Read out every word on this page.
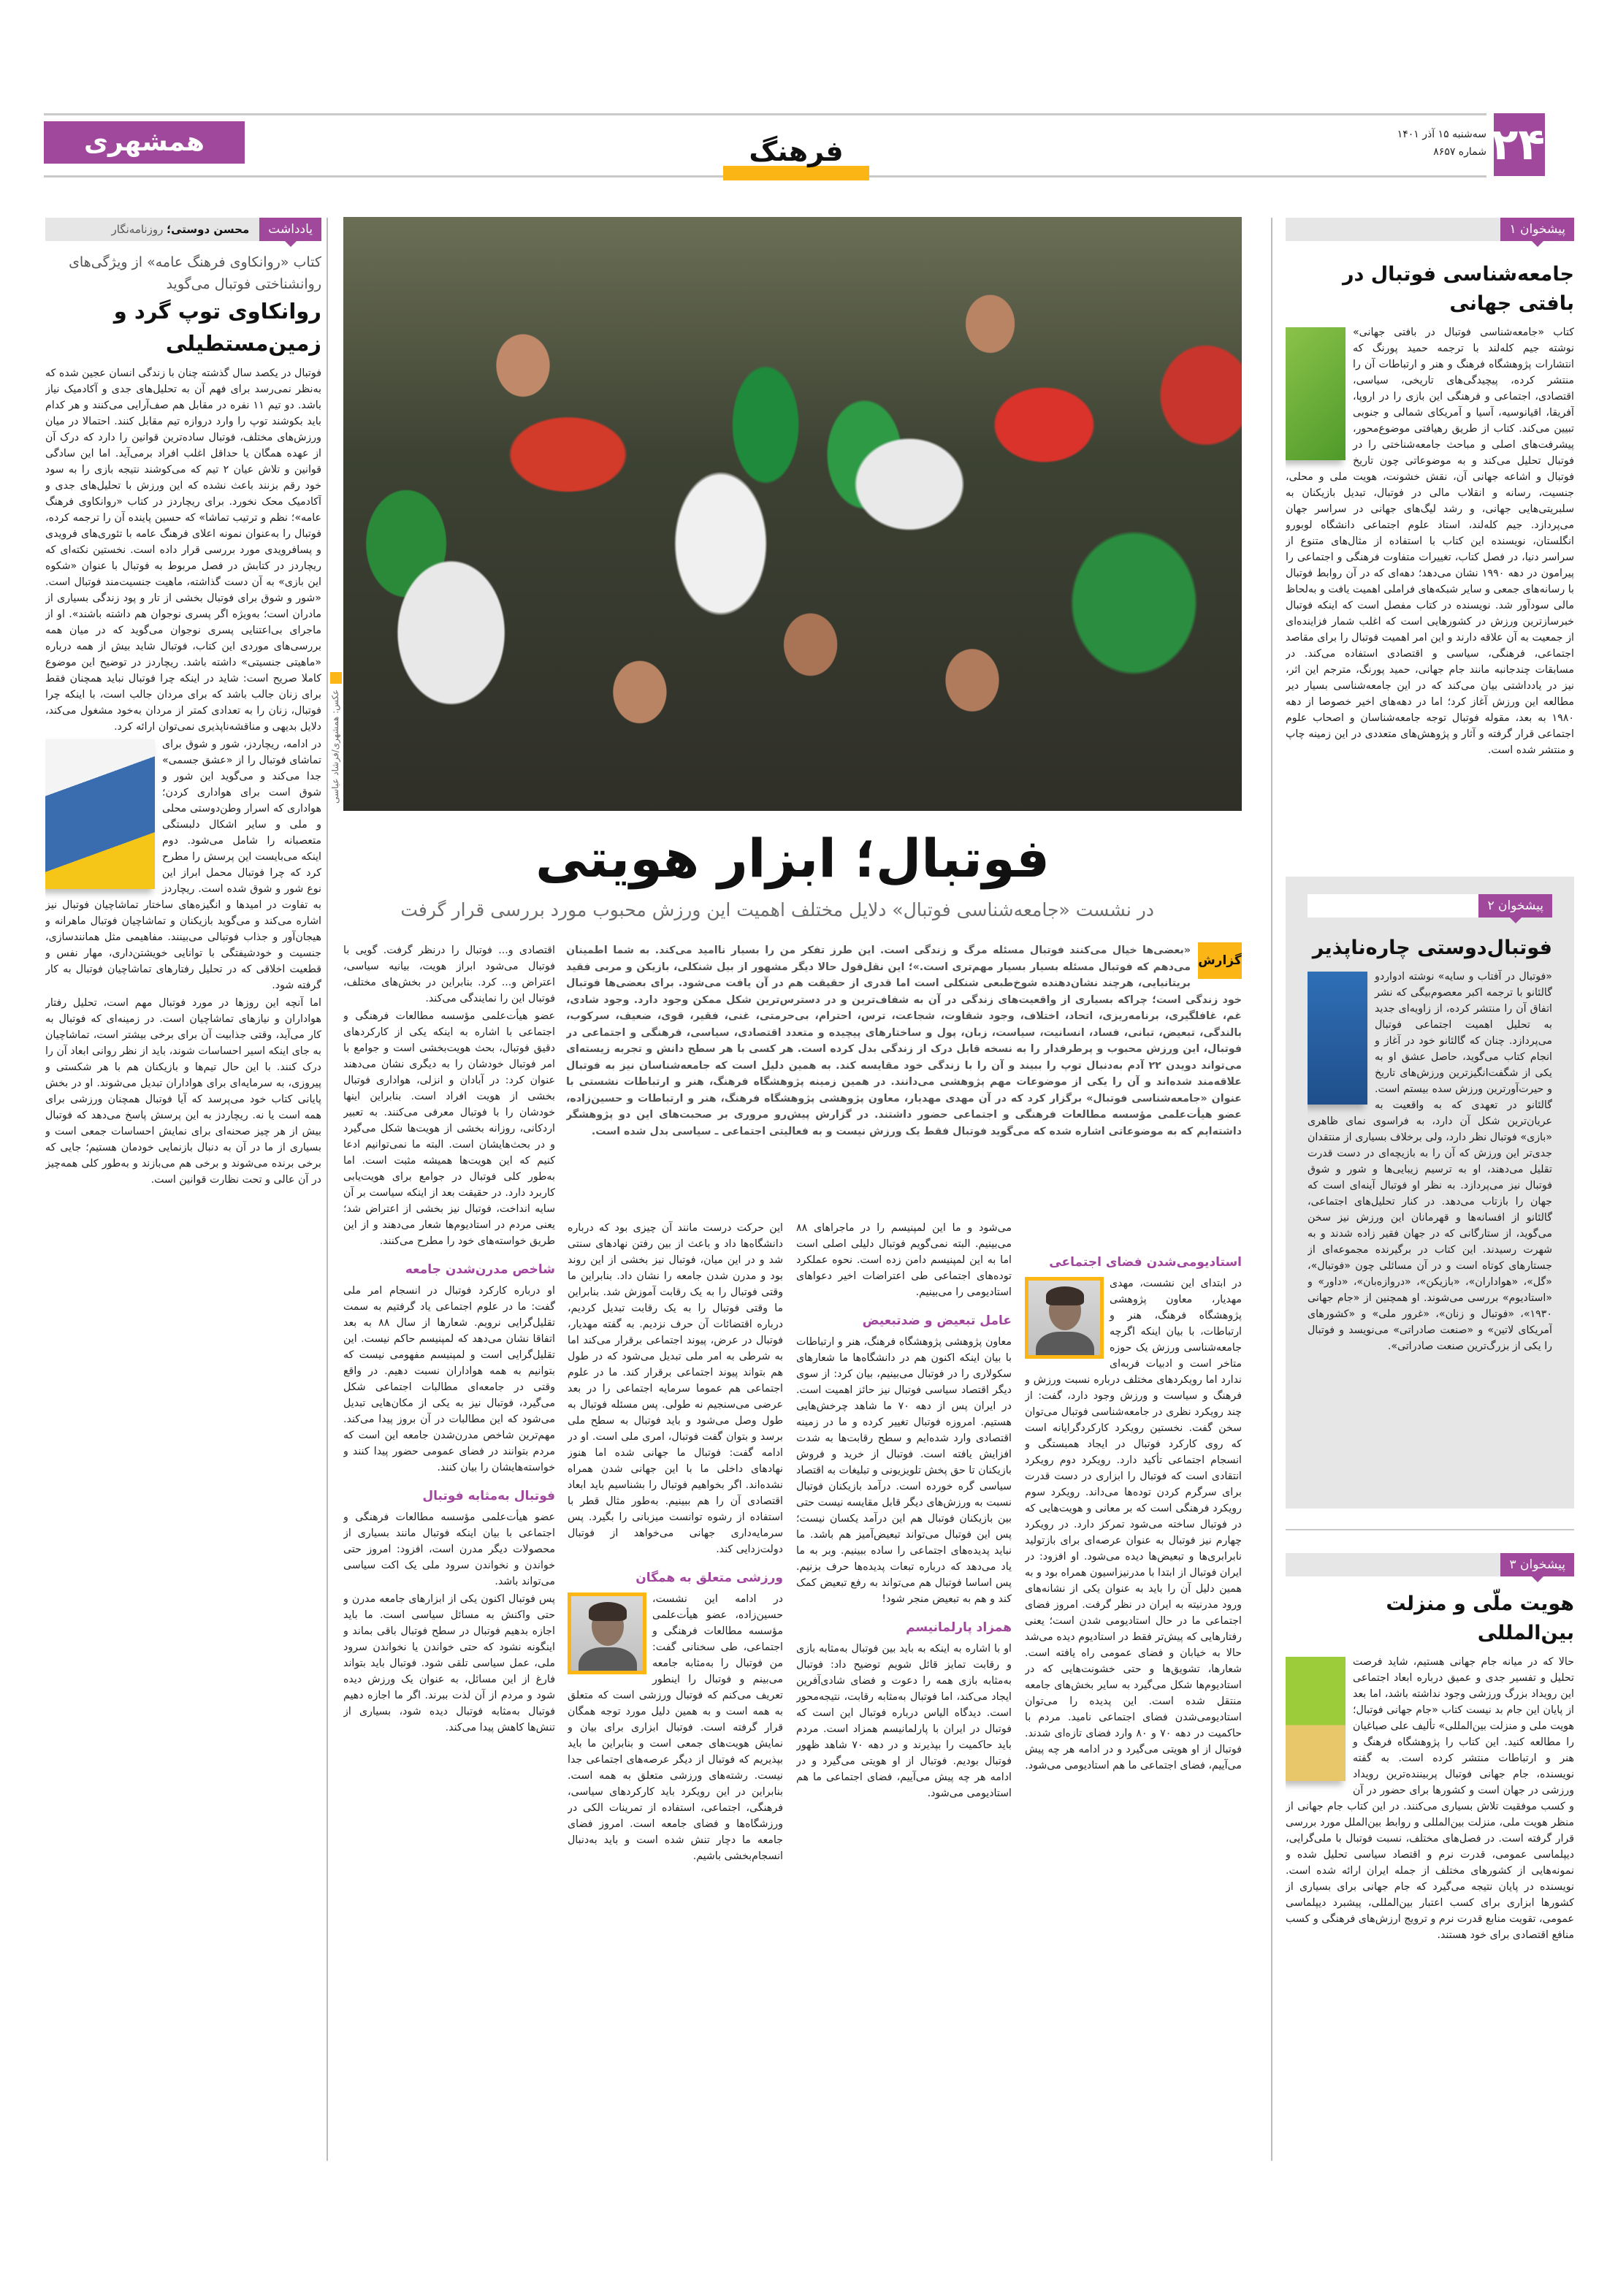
۲۴
سه‌شنبه ۱۵ آذر ۱۴۰۱
شماره ۸۶۵۷
فرهنگ
همشهری
یادداشت
محسن دوستی؛ روزنامه‌نگار
کتاب «روانکاوی فرهنگ عامه» از ویژگی‌های روانشناختی فوتبال می‌گوید
روانکاوی توپ گرد و زمین‌مستطیلی

فوتبال در یکصد سال گذشته چنان با زندگی انسان عجین شده که به‌نظر نمی‌رسد برای فهم آن به تحلیل‌های جدی و آکادمیک نیاز باشد. دو تیم ۱۱ نفره در مقابل هم صف‌آرایی می‌کنند و هر کدام باید بکوشند توپ را وارد دروازه تیم مقابل کنند. احتمالا در میان ورزش‌های مختلف، فوتبال ساده‌ترین قوانین را دارد که درک آن از عهده همگان یا حداقل اغلب افراد برمی‌آید. اما این سادگی قوانین و تلاش عیان ۲ تیم که می‌کوشند نتیجه بازی را به سود خود رقم بزنند باعث نشده که این ورزش با تحلیل‌های جدی و آکادمیک محک نخورد. برای ریچاردز در کتاب «روانکاوی فرهنگ عامه»؛ نظم و ترتیب تماشا» که حسین پاینده آن را ترجمه کرده، فوتبال را به‌عنوان نمونه اعلای فرهنگ عامه با تئوری‌های فرویدی و پسافرویدی مورد بررسی قرار داده است. نخستین نکته‌ای که ریچاردز در کتابش در فصل مربوط به فوتبال با عنوان «شکوه این بازی» به آن دست گذاشته، ماهیت جنسیت‌مند فوتبال است. «شور و شوق برای فوتبال بخشی از تار و پود زندگی بسیاری از مادران است؛ به‌ویژه اگر پسری نوجوان هم داشته باشند». او از ماجرای بی‌اعتنایی پسری نوجوان می‌گوید که در میان همه بررسی‌های موردی این کتاب، فوتبال شاید بیش از همه درباره «ماهیتی جنسیتی» داشته باشد. ریچاردز در توضیح این موضوع کاملا صریح است: شاید در اینکه چرا فوتبال نباید همچنان فقط برای زنان جالب باشد که برای مردان جالب است، با اینکه چرا فوتبال، زنان را به تعدادی کمتر از مردان به‌خود مشغول می‌کند، دلایل بدیهی و مناقشه‌ناپذیری نمی‌توان ارائه کرد.

در ادامه، ریچاردز، شور و شوق برای تماشای فوتبال را از «عشق جسمی» جدا می‌کند و می‌گوید این شور و شوق است برای هواداری کردن؛ هواداری که اسرار وطن‌دوستی محلی و ملی و سایر اشکال دلبستگی متعصبانه را شامل می‌شود. دوم اینکه می‌بایست این پرسش را مطرح کرد که چرا فوتبال محمل ابراز این نوع شور و شوق شده است. ریچاردز به تفاوت در امیدها و انگیزه‌های ساختار تماشاچیان فوتبال نیز اشاره می‌کند و می‌گوید بازیکنان و تماشاچیان فوتبال ماهرانه و هیجان‌آور و جذاب فوتبالی می‌بینند. مفاهیمی مثل همانندسازی، جنسیت و خودشیفتگی با توانایی خویشتن‌داری، مهار نفس و قطعیت اخلاقی که در تحلیل رفتارهای تماشاچیان فوتبال به کار گرفته شود.

اما آنچه این روزها در مورد فوتبال مهم است، تحلیل رفتار هواداران و نیازهای تماشاچیان است. در زمینه‌ای که فوتبال به کار می‌آید، وقتی جذابیت آن برای برخی بیشتر است، تماشاچیان به جای اینکه اسیر احساسات شوند، باید از نظر روانی ابعاد آن را درک کنند. با این حال تیم‌ها و بازیکنان هم با هر شکستی و پیروزی، به سرمایه‌ای برای هواداران تبدیل می‌شوند. او در بخش پایانی کتاب خود می‌پرسد که آیا فوتبال همچنان ورزشی برای همه است یا نه. ریچاردز به این پرسش پاسخ می‌دهد که فوتبال بیش از هر چیز صحنه‌ای برای نمایش احساسات جمعی است و بسیاری از ما در آن به دنبال بازنمایی خودمان هستیم؛ جایی که برخی برنده می‌شوند و برخی هم می‌بازند و به‌طور کلی همه‌چیز در آن عالی و تحت نظارت قوانین است.

پیشخوان ۱
جامعه‌شناسی فوتبال در بافتی جهانی
کتاب «جامعه‌شناسی فوتبال در بافتی جهانی» نوشته جیم کله‌لند با ترجمه حمید پورنگ که انتشارات پژوهشگاه فرهنگ و هنر و ارتباطات آن را منتشر کرده، پیچیدگی‌های تاریخی، سیاسی، اقتصادی، اجتماعی و فرهنگی این بازی را در اروپا، آفریقا، اقیانوسیه، آسیا و آمریکای شمالی و جنوبی تبیین می‌کند. کتاب از طریق رهیافتی موضوع‌محور، پیشرفت‌های اصلی و مباحث جامعه‌شناختی را در فوتبال تحلیل می‌کند و به موضوعاتی چون تاریخ فوتبال و اشاعه جهانی آن، نقش خشونت، هویت ملی و محلی، جنسیت، رسانه و انقلاب مالی در فوتبال، تبدیل بازیکنان به سلبریتی‌هایی جهانی، و رشد لیگ‌های جهانی در سراسر جهان می‌پردازد. جیم کله‌لند، استاد علوم اجتماعی دانشگاه لوبورو انگلستان، نویسنده این کتاب با استفاده از مثال‌های متنوع از سراسر دنیا، در فصل کتاب، تغییرات متفاوت فرهنگی و اجتماعی را پیرامون در دهه ۱۹۹۰ نشان می‌دهد؛ دهه‌ای که در آن روابط فوتبال با رسانه‌های جمعی و سایر شبکه‌های فراملی اهمیت یافت و به‌لحاظ مالی سودآور شد. نویسنده در کتاب مفصل است که اینکه فوتبال خبرساز‌ترین ورزش در کشورهایی است که اغلب شمار فزاینده‌ای از جمعیت به آن علاقه دارند و این امر اهمیت فوتبال را برای مقاصد اجتماعی، فرهنگی، سیاسی و اقتصادی استفاده می‌کند. در مسابقات چند‌جانبه مانند جام جهانی، حمید پورنگ، مترجم این اثر، نیز در یادداشتی بیان می‌کند که در این جامعه‌شناسی بسیار دیر مطالعه این ورزش آغاز کرد؛ اما در دهه‌های اخیر خصوصا از دهه ۱۹۸۰ به بعد، مقوله فوتبال توجه جامعه‌شناسان و اصحاب علوم اجتماعی قرار گرفته و آثار و پژوهش‌های متعددی در این زمینه چاپ و منتشر شده است.
پیشخوان ۲
فوتبال‌دوستی چاره‌ناپذیر
«فوتبال در آفتاب و سایه» نوشته ادواردو گالئانو با ترجمه اکبر معصوم‌بیگی که نشر اتفاق آن را منتشر کرده، از زاویه‌ای جدید به تحلیل اهمیت اجتماعی فوتبال می‌پردازد. چنان که گالئانو خود در آغاز و انجام کتاب می‌گوید، حاصل عشق او به یکی از شگفت‌انگیزترین ورزش‌های تاریخ و حیرت‌آورترین ورزش سده بیستم است. گالئانو در تعهدی که به واقعیت به عریان‌ترین شکل آن دارد، به فراسوی نمای ظاهری «بازی» فوتبال نظر دارد، ولی برخلاف بسیاری از منتقدان جدی‌تر این ورزش که آن را به بازیچه‌ای در دست قدرت تقلیل می‌دهند، او به ترسیم زیبایی‌ها و شور و شوق فوتبال نیز می‌پردازد. به نظر او فوتبال آینه‌ای است که جهان را بازتاب می‌دهد. در کنار تحلیل‌های اجتماعی، گالئانو از افسانه‌ها و قهرمانان این ورزش نیز سخن می‌گوید، از ستارگانی که در جهان فقیر زاده شدند و به شهرت رسیدند. این کتاب در برگیرنده مجموعه‌ای از جستارهای کوتاه است و در آن مسائلی چون «فوتبال»، «گل»، «هواداران»، «بازیکن»، «دروازه‌بان»، «داور» و «استادیوم» بررسی می‌شوند. او همچنین از «جام جهانی ۱۹۳۰»، «فوتبال و زنان»، «غرور ملی» و «کشورهای آمریکای لاتین» و «صنعت صادراتی» می‌نویسد و فوتبال را یکی از بزرگ‌ترین صنعت صادراتی».
پیشخوان ۳
هویت ملّی و منزلت بین‌المللی
حالا که در میانه جام جهانی هستیم، شاید فرصت تحلیل و تفسیر جدی و عمیق درباره ابعاد اجتماعی این رویداد بزرگ ورزشی وجود نداشته باشد، اما بعد از پایان این جام بد نیست کتاب «جام جهانی فوتبال؛ هویت ملی و منزلت بین‌المللی» تألیف علی صباغیان را مطالعه کنید. این کتاب را پژوهشگاه فرهنگ و هنر و ارتباطات منتشر کرده است. به گفته نویسنده، جام جهانی فوتبال پربیننده‌ترین رویداد ورزشی در جهان است و کشورها برای حضور در آن و کسب موفقیت تلاش بسیاری می‌کنند. در این کتاب جام جهانی از منظر هویت ملی، منزلت بین‌المللی و روابط بین‌الملل مورد بررسی قرار گرفته است. در فصل‌های مختلف، نسبت فوتبال با ملی‌گرایی، دیپلماسی عمومی، قدرت نرم و اقتصاد سیاسی تحلیل شده و نمونه‌هایی از کشورهای مختلف از جمله ایران ارائه شده است. نویسنده در پایان نتیجه می‌گیرد که جام جهانی برای بسیاری از کشورها ابزاری برای کسب اعتبار بین‌المللی، پیشبرد دیپلماسی عمومی، تقویت منابع قدرت نرم و ترویج ارزش‌های فرهنگی و کسب منافع اقتصادی برای خود هستند.
عکس: همشهری/فرشاد عباسی
فوتبال؛ ابزار هویتی
در نشست «جامعه‌شناسی فوتبال» دلایل مختلف اهمیت این ورزش محبوب مورد بررسی قرار گرفت
گزارش
«بعضی‌ها خیال می‌کنند فوتبال مسئله مرگ و زندگی است. این طرز تفکر من را بسیار ناامید می‌کند. به شما اطمینان می‌دهم که فوتبال مسئله بسیار بسیار مهم‌تری است.»؛ این نقل‌قول حالا دیگر مشهور از بیل شنکلی، بازیکن و مربی فقید بریتانیایی، هرچند نشان‌دهنده شوخ‌طبعی شنکلی است اما قدری از حقیقت هم در آن یافت می‌شود. برای بعضی‌ها فوتبال خود زندگی است؛ چراکه بسیاری از واقعیت‌های زندگی در آن به شفاف‌ترین و در دسترس‌ترین شکل ممکن وجود دارد. وجود شادی، غم، غافلگیری، برنامه‌ریزی، اتحاد، اختلاف، وجود شقاوت، شجاعت، ترس، احترام، بی‌حرمتی، غنی، فقیر، قوی، ضعیف، سرکوب، بالندگی، تبعیض، تبانی، فساد، انسانیت، سیاست، زبان، پول و ساختارهای پیچیده و متعدد اقتصادی، سیاسی، فرهنگی و اجتماعی در فوتبال، این ورزش محبوب و پرطرفدار را به نسخه قابل درک از زندگی بدل کرده است. هر کسی با هر سطح دانش و تجربه زیسته‌ای می‌تواند دویدن ۲۲ آدم به‌دنبال توپ را ببیند و آن را با زندگی خود مقایسه کند. به همین دلیل است که جامعه‌شناسان نیز به فوتبال علاقه‌مند شده‌اند و آن را یکی از موضوعات مهم پژوهشی می‌دانند. در همین زمینه پژوهشگاه فرهنگ، هنر و ارتباطات نشستی با عنوان «جامعه‌شناسی فوتبال» برگزار کرد که در آن مهدی مهدیار، معاون پژوهشی پژوهشگاه فرهنگ، هنر و ارتباطات و حسین‌زاده، عضو هیأت‌علمی مؤسسه مطالعات فرهنگی و اجتماعی حضور داشتند. در گزارش پیش‌رو مروری بر صحبت‌های این دو پژوهشگر داشته‌ایم که به موضوعاتی اشاره شده که می‌گوید فوتبال فقط یک ورزش نیست و به فعالیتی اجتماعی ـ سیاسی بدل شده است.

اقتصادی و... فوتبال را درنظر گرفت. گویی با فوتبال می‌شود ابراز هویت، بیانیه سیاسی، اعتراض و... کرد. بنابراین در بخش‌های مختلف، فوتبال این را نمایندگی می‌کند.

عضو هیأت‌علمی مؤسسه مطالعات فرهنگی و اجتماعی با اشاره به اینکه یکی از کارکردهای دقیق فوتبال، بحث هویت‌بخشی است و جوامع با امر فوتبال خودشان را به دیگری نشان می‌دهند عنوان کرد: در آبادان و انزلی، هواداری فوتبال بخشی از هویت افراد است. بنابراین اینها خودشان را با فوتبال معرفی می‌کنند. به تعبیر اردکانی، روزانه بخشی از هویت‌ها شکل می‌گیرد و در بحث‌هایشان است. البته ما نمی‌توانیم ادعا کنیم که این هویت‌ها همیشه مثبت است. اما به‌طور کلی فوتبال در جوامع برای هویت‌یابی کاربرد دارد. در حقیقت بعد از اینکه سیاست بر آن سایه انداخت، فوتبال نیز بخشی از اعتراض شد؛ یعنی مردم در استادیوم‌ها شعار می‌دهند و از این طریق خواسته‌های خود را مطرح می‌کنند.

شاخص مدرن‌شدن جامعه

او درباره کارکرد فوتبال در انسجام امر ملی گفت: ما در علوم اجتماعی یاد گرفتیم به سمت تقلیل‌گرایی نرویم. شعارها از سال ۸۸ به بعد اتفاقا نشان می‌دهد که لمپنیسم حاکم نیست. این تقلیل‌گرایی است و لمپنیسم مفهومی نیست که بتوانیم به همه هواداران نسبت دهیم. در واقع وقتی در جامعه‌ای مطالبات اجتماعی شکل می‌گیرد، فوتبال نیز به یکی از مکان‌هایی تبدیل می‌شود که این مطالبات در آن بروز پیدا می‌کند. مهم‌ترین شاخص مدرن‌شدن جامعه این است که مردم بتوانند در فضای عمومی حضور پیدا کنند و خواسته‌هایشان را بیان کنند.

فوتبال به‌مثابه فوتبال

عضو هیأت‌علمی مؤسسه مطالعات فرهنگی و اجتماعی با بیان اینکه فوتبال مانند بسیاری از محصولات دیگر مدرن است، افزود: امروز حتی خواندن و نخواندن سرود ملی یک اکت سیاسی می‌تواند باشد.

پس فوتبال اکنون یکی از ابزارهای جامعه مدرن و حتی واکنش به مسائل سیاسی است. ما باید اجازه بدهیم فوتبال در سطح فوتبال باقی بماند و اینگونه نشود که حتی خواندن یا نخواندن سرود ملی، عمل سیاسی تلقی شود. فوتبال باید بتواند فارغ از این مسائل، به عنوان یک ورزش دیده شود و مردم از آن لذت ببرند. اگر ما اجازه دهیم فوتبال به‌مثابه فوتبال دیده شود، بسیاری از تنش‌ها کاهش پیدا می‌کند.

این حرکت درست مانند آن چیزی بود که درباره دانشگاه‌ها داد و باعث از بین رفتن نهادهای سنتی شد و در این میان، فوتبال نیز بخشی از این روند بود و مدرن شدن جامعه را نشان داد. بنابراین ما وقتی فوتبال را به یک رقابت آموزش شد. بنابراین ما وقتی فوتبال را به یک رقابت تبدیل کردیم، درباره اقتضائات آن حرف نزدیم. به گفته مهدیار، فوتبال در عرض، پیوند اجتماعی برقرار می‌کند اما به شرطی به امر ملی تبدیل می‌شود که در طول هم بتواند پیوند اجتماعی برقرار کند. ما در علوم اجتماعی هم عموما سرمایه اجتماعی را در بعد عرضی می‌سنجیم نه طولی. پس مسئله فوتبال به طول وصل می‌شود و باید فوتبال به سطح ملی برسد و بتوان گفت فوتبال، امری ملی است. او در ادامه گفت: فوتبال ما جهانی شده اما هنوز نهادهای داخلی ما با این جهانی شدن همراه نشده‌اند. اگر بخواهیم فوتبال را بشناسیم باید ابعاد اقتصادی آن را هم ببینیم. به‌طور مثال قطر با استفاده از رشوه توانست میزبانی را بگیرد. پس سرمایه‌داری جهانی می‌خواهد از فوتبال دولت‌زدایی کند.

ورزشی متعلق به همگان

در ادامه این نشست، حسین‌زاده، عضو هیأت‌علمی مؤسسه مطالعات فرهنگی و اجتماعی، طی سخنانی گفت: من فوتبال را به‌مثابه جامعه می‌بینم و فوتبال را اینطور تعریف می‌کنم که فوتبال ورزشی است که متعلق به همه است و به همین دلیل مورد توجه همگان قرار گرفته است. فوتبال ابزاری برای بیان و نمایش هویت‌های جمعی است و بنابراین ما باید بپذیریم که فوتبال از دیگر عرصه‌های اجتماعی جدا نیست. رشته‌های ورزشی متعلق به همه است. بنابراین در این رویکرد باید کارکردهای سیاسی، فرهنگی، اجتماعی، استفاده از تمرینات الکی در ورزشگاه‌ها و فضای جامعه است. امروز فضای جامعه ما دچار تنش شده است و باید به‌دنبال انسجام‌بخشی باشیم.

می‌شود و ما این لمپنیسم را در ماجراهای ۸۸ می‌بینیم. البته نمی‌گویم فوتبال دلیلی اصلی است اما به این لمپنیسم دامن زده است. نحوه عملکرد توده‌های اجتماعی طی اعتراضات اخیر دعواهای استادیومی را می‌بینیم.

عامل تبعیض و ضدتبعیض

معاون پژوهشی پژوهشگاه فرهنگ، هنر و ارتباطات با بیان اینکه اکنون هم در دانشگاه‌ها ما شعارهای سکولاری را در فوتبال می‌بینیم، بیان کرد: از سوی دیگر اقتصاد سیاسی فوتبال نیز حائز اهمیت است. در ایران پس از دهه ۷۰ ما شاهد چرخش‌هایی هستیم. امروزه فوتبال تغییر کرده و ما در زمینه اقتصادی وارد شده‌ایم و سطح رقابت‌ها به شدت افزایش یافته است. فوتبال از خرید و فروش بازیکنان تا حق پخش تلویزیونی و تبلیغات به اقتصاد سیاسی گره خورده است. درآمد بازیکنان فوتبال نسبت به ورزش‌های دیگر قابل مقایسه نیست حتی بین بازیکنان فوتبال هم این درآمد یکسان نیست؛ پس این فوتبال می‌تواند تبعیض‌آمیز هم باشد. ما نباید پدیده‌های اجتماعی را ساده ببینیم. وبر به ما یاد می‌دهد که درباره تبعات پدیده‌ها حرف بزنیم. پس اساسا فوتبال هم می‌تواند به رفع تبعیض کمک کند و هم به تبعیض منجر شود!

همزاد پارلمانیسم

او با اشاره به اینکه به باید بین فوتبال به‌مثابه بازی و رقابت تمایز قائل شویم توضیح داد: فوتبال به‌مثابه بازی همه را دعوت و فضای شادی‌آفرین ایجاد می‌کند، اما فوتبال به‌مثابه رقابت، نتیجه‌محور است. دیدگاه الیاس درباره فوتبال این است که فوتبال در ایران با پارلمانیسم همزاد است. مردم باید حاکمیت را بپذیرند و در دهه ۷۰ شاهد ظهور فوتبال بودیم. فوتبال از او هویتی می‌گیرد و در ادامه هر چه پیش می‌آییم، فضای اجتماعی ما هم استادیومی می‌شود.

استادیومی‌شدن فضای اجتماعی

در ابتدای این نشست، مهدی مهدیار، معاون پژوهشی پژوهشگاه فرهنگ، هنر و ارتباطات، با بیان اینکه اگرچه جامعه‌شناسی ورزش یک حوزه متاخر است و ادبیات فربه‌ای ندارد اما رویکردهای مختلف درباره نسبت ورزش و فرهنگ و سیاست و ورزش وجود دارد، گفت: از چند رویکرد نظری در جامعه‌شناسی فوتبال می‌توان سخن گفت. نخستین رویکرد کارکردگرایانه است که روی کارکرد فوتبال در ایجاد همبستگی و انسجام اجتماعی تأکید دارد. رویکرد دوم رویکرد انتقادی است که فوتبال را ابزاری در دست قدرت برای سرگرم کردن توده‌ها می‌داند. رویکرد سوم رویکرد فرهنگی است که بر معانی و هویت‌هایی که در فوتبال ساخته می‌شود تمرکز دارد. در رویکرد چهارم نیز فوتبال به عنوان عرصه‌ای برای بازتولید نابرابری‌ها و تبعیض‌ها دیده می‌شود. او افزود: در ایران فوتبال از ابتدا با مدرنیزاسیون همراه بود و به همین دلیل آن را باید به عنوان یکی از نشانه‌های ورود مدرنیته به ایران در نظر گرفت. امروز فضای اجتماعی ما در حال استادیومی شدن است؛ یعنی رفتارهایی که پیش‌تر فقط در استادیوم دیده می‌شد حالا به خیابان و فضای عمومی راه یافته است. شعارها، تشویق‌ها و حتی خشونت‌هایی که در استادیوم‌ها شکل می‌گیرد به سایر بخش‌های جامعه منتقل شده است. این پدیده را می‌توان استادیومی‌شدن فضای اجتماعی نامید. مردم با حاکمیت در دهه ۷۰ و ۸۰ وارد فضای تازه‌ای شدند. فوتبال از او هویتی می‌گیرد و در ادامه هر چه پیش می‌آییم، فضای اجتماعی ما هم استادیومی می‌شود.
